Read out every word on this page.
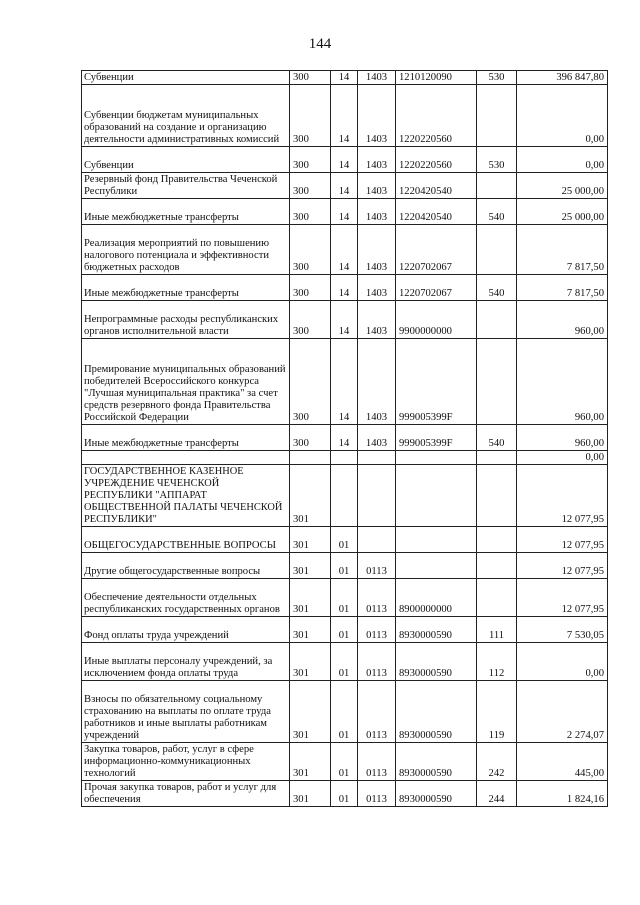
144
Субвенции	300	14	1403	1210120090	530	396 847,80
Субвенции бюджетам муниципальных образований на создание и организацию деятельности административных комиссий	300	14	1403	1220220560		0,00
Субвенции	300	14	1403	1220220560	530	0,00
Резервный фонд Правительства Чеченской Республики	300	14	1403	1220420540		25 000,00
Иные межбюджетные трансферты	300	14	1403	1220420540	540	25 000,00
Реализация мероприятий по повышению налогового потенциала и эффективности бюджетных расходов	300	14	1403	1220702067		7 817,50
Иные межбюджетные трансферты	300	14	1403	1220702067	540	7 817,50
Непрограммные расходы республиканских органов исполнительной власти	300	14	1403	9900000000		960,00
Премирование муниципальных образований победителей Всероссийского конкурса "Лучшая муниципальная практика" за счет средств резервного фонда Правительства Российской Федерации	300	14	1403	999005399F		960,00
Иные межбюджетные трансферты	300	14	1403	999005399F	540	960,00
						0,00
ГОСУДАРСТВЕННОЕ КАЗЕННОЕ УЧРЕЖДЕНИЕ ЧЕЧЕНСКОЙ РЕСПУБЛИКИ "АППАРАТ ОБЩЕСТВЕННОЙ ПАЛАТЫ ЧЕЧЕНСКОЙ РЕСПУБЛИКИ"	301					12 077,95
ОБЩЕГОСУДАРСТВЕННЫЕ ВОПРОСЫ	301	01				12 077,95
Другие общегосударственные вопросы	301	01	0113			12 077,95
Обеспечение деятельности отдельных республиканских государственных органов	301	01	0113	8900000000		12 077,95
Фонд оплаты труда учреждений	301	01	0113	8930000590	111	7 530,05
Иные выплаты персоналу учреждений, за исключением фонда оплаты труда	301	01	0113	8930000590	112	0,00
Взносы по обязательному социальному страхованию на выплаты по оплате труда работников и иные выплаты работникам учреждений	301	01	0113	8930000590	119	2 274,07
Закупка товаров, работ, услуг в сфере информационно-коммуникационных технологий	301	01	0113	8930000590	242	445,00
Прочая закупка товаров, работ и услуг для обеспечения	301	01	0113	8930000590	244	1 824,16
